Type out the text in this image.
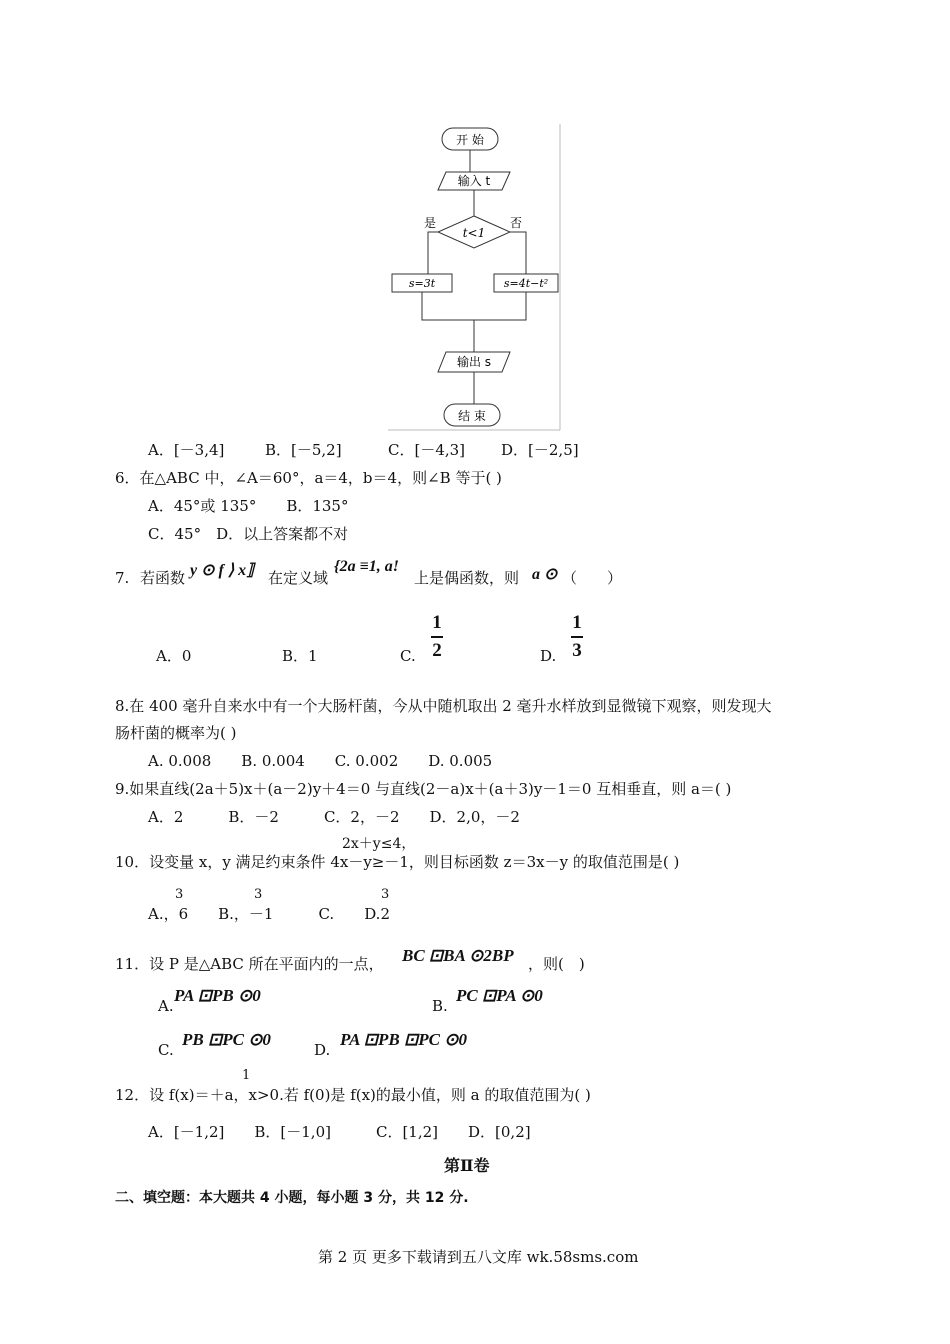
开 始
输入 t
t<1
是	否
s=3t	s=4t−t²
输出 s
结 束
A．[－3,4]	B．[－5,2]	C．[－4,3] D．[－2,5]
6．在△ABC 中，∠A＝60°，a＝4，b＝4，则∠B 等于( )
A．45°或 135°　　B．135°
C．45°　D．以上答案都不对
7. 若函数 y ⊙ f ⟩ x⟧ 在定义域
{2a ≡1, a!
上是偶函数，则 a ⊙ （　　）
A．0	B．1	C.
1
2	D.
1
3
8.在 400 毫升自来水中有一个大肠杆菌，今从中随机取出 2 毫升水样放到显微镜下观察，则发现大
肠杆菌的概率为( )
A. 0.008　　B. 0.004　　C. 0.002　　D. 0.005
9.如果直线(2a＋5)x＋(a－2)y＋4＝0 与直线(2－a)x＋(a＋3)y－1＝0 互相垂直，则 a＝( )
A．2　　　B．－2　　　C．2，－2　　D．2,0，－2
2x＋y≤4，
10．设变量 x，y 满足约束条件 4x－y≥－1，则目标函数 z＝3x－y 的取值范围是( )
3	3	3
A.，6　　B.，－1　　　C.　　D.2
11．设 P 是△ABC 所在平面内的一点， BC ⊡BA ⊙2BP ，则(　)
A.
PA ⊡PB ⊙0
B.
PC ⊡PA ⊙0
C.
PB ⊡PC ⊙0
D.
PA ⊡PB ⊡PC ⊙0
1
12．设 f(x)＝＋a，x>0.若 f(0)是 f(x)的最小值，则 a 的取值范围为( )
A．[－1,2]　　B．[－1,0]　　　C．[1,2]　　D．[0,2]
第Ⅱ卷
二、填空题：本大题共 4 小题，每小题 3 分，共 12 分.
第 2 页 更多下载请到五八文库 wk.58sms.com
